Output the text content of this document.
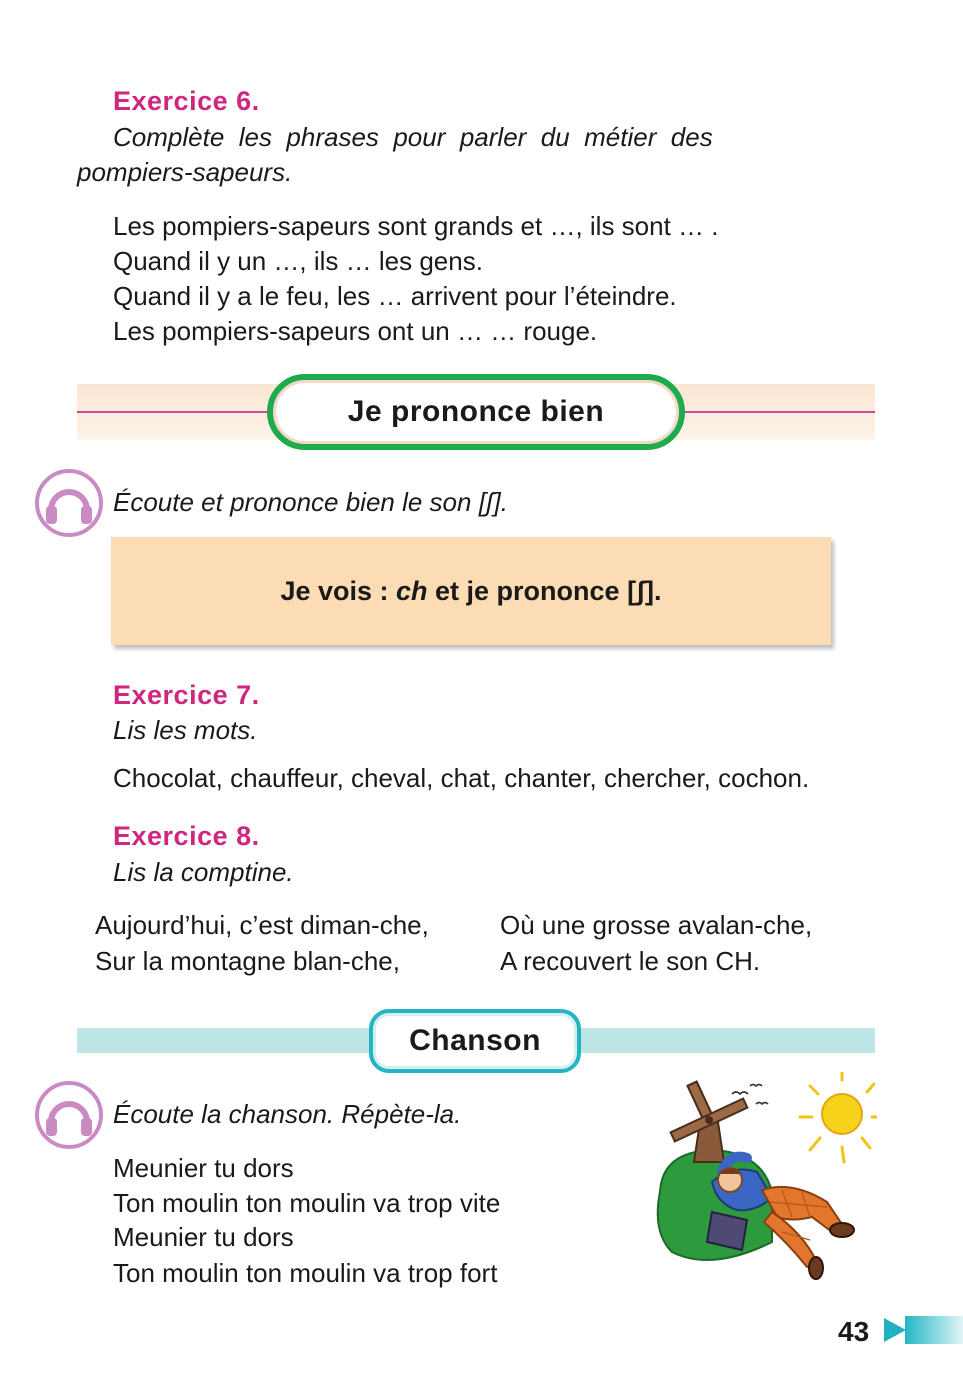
Exercice 6.
Complète  les  phrases  pour  parler  du  métier  des
pompiers-sapeurs.
Les pompiers-sapeurs sont grands et …, ils sont … .
Quand il y un …, ils … les gens.
Quand il y a le feu, les … arrivent pour l’éteindre.
Les pompiers-sapeurs ont un … … rouge.
Je prononce bien
Écoute et prononce bien le son [ʃ].
Je vois : ch et je prononce [ʃ].
Exercice 7.
Lis les mots.
Chocolat, chauffeur, cheval, chat, chanter, chercher, cochon.
Exercice 8.
Lis la comptine.
Aujourd’hui, c’est diman-che,
Sur la montagne blan-che,
Où une grosse avalan-che,
A recouvert le son CH.
Chanson
Écoute la chanson. Répète-la.
Meunier tu dors
Ton moulin ton moulin va trop vite
Meunier tu dors
Ton moulin ton moulin va trop fort
43
